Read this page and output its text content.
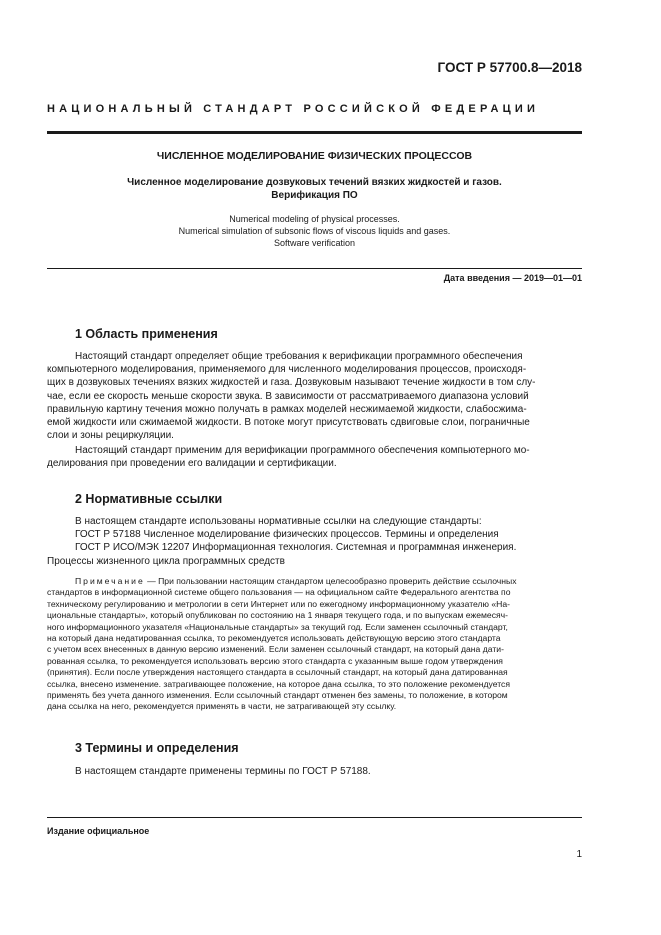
ГОСТ Р 57700.8—2018
НАЦИОНАЛЬНЫЙ СТАНДАРТ РОССИЙСКОЙ ФЕДЕРАЦИИ
ЧИСЛЕННОЕ МОДЕЛИРОВАНИЕ ФИЗИЧЕСКИХ ПРОЦЕССОВ
Численное моделирование дозвуковых течений вязких жидкостей и газов.
Верификация ПО
Numerical modeling of physical processes.
Numerical simulation of subsonic flows of viscous liquids and gases.
Software verification
Дата введения — 2019—01—01
1 Область применения
Настоящий стандарт определяет общие требования к верификации программного обеспечения
компьютерного моделирования, применяемого для численного моделирования процессов, происходя-
щих в дозвуковых течениях вязких жидкостей и газа. Дозвуковым называют течение жидкости в том слу-
чае, если ее скорость меньше скорости звука. В зависимости от рассматриваемого диапазона условий
правильную картину течения можно получать в рамках моделей несжимаемой жидкости, слабосжима-
емой жидкости или сжимаемой жидкости. В потоке могут присутствовать сдвиговые слои, пограничные
слои и зоны рециркуляции.
Настоящий стандарт применим для верификации программного обеспечения компьютерного мо-
делирования при проведении его валидации и сертификации.
2 Нормативные ссылки
В настоящем стандарте использованы нормативные ссылки на следующие стандарты:
ГОСТ Р 57188 Численное моделирование физических процессов. Термины и определения
ГОСТ Р ИСО/МЭК 12207 Информационная технология. Системная и программная инженерия.
Процессы жизненного цикла программных средств
Примечание — При пользовании настоящим стандартом целесообразно проверить действие ссылочных
стандартов в информационной системе общего пользования — на официальном сайте Федерального агентства по
техническому регулированию и метрологии в сети Интернет или по ежегодному информационному указателю «На-
циональные стандарты», который опубликован по состоянию на 1 января текущего года, и по выпускам ежемесяч-
ного информационного указателя «Национальные стандарты» за текущий год. Если заменен ссылочный стандарт,
на который дана недатированная ссылка, то рекомендуется использовать действующую версию этого стандарта
с учетом всех внесенных в данную версию изменений. Если заменен ссылочный стандарт, на который дана дати-
рованная ссылка, то рекомендуется использовать версию этого стандарта с указанным выше годом утверждения
(принятия). Если после утверждения настоящего стандарта в ссылочный стандарт, на который дана датированная
ссылка, внесено изменение. затрагивающее положение, на которое дана ссылка, то это положение рекомендуется
применять без учета данного изменения. Если ссылочный стандарт отменен без замены, то положение, в котором
дана ссылка на него, рекомендуется применять в части, не затрагивающей эту ссылку.
3 Термины и определения
В настоящем стандарте применены термины по ГОСТ Р 57188.
Издание официальное
1
